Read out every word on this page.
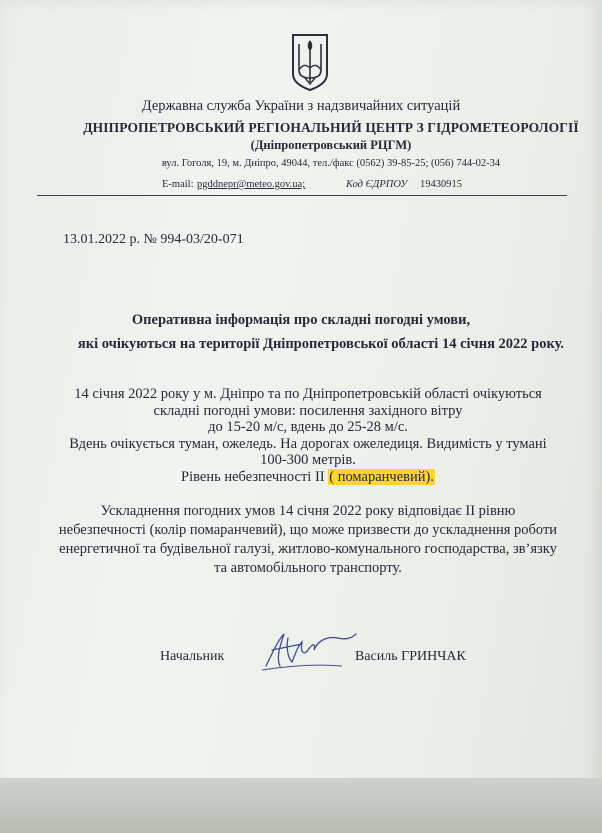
Державна служба України з надзвичайних ситуацій
ДНІПРОПЕТРОВСЬКИЙ РЕГІОНАЛЬНИЙ ЦЕНТР З ГІДРОМЕТЕОРОЛОГІЇ
(Дніпропетровський РЦГМ)
вул. Гоголя, 19, м. Дніпро, 49044, тел./факс (0562) 39-85-25; (056) 744-02-34
E-mail: pgddnepr@meteo.gov.ua;	Код ЄДРПОУ 19430915
13.01.2022 р. № 994-03/20-071
Оперативна інформація про складні погодні умови,
які очікуються на території Дніпропетровської області 14 січня 2022 року.
14 січня 2022 року у м. Дніпро та по Дніпропетровській області очікуються
складні погодні умови: посилення західного вітру
до 15-20 м/с, вдень до 25-28 м/с.
Вдень очікується туман, ожеледь. На дорогах ожеледиця. Видимість у тумані
100-300 метрів.
Рівень небезпечності ІІ ( помаранчевий).
Ускладнення погодних умов 14 січня 2022 року відповідає ІІ рівню
небезпечності (колір помаранчевий), що може призвести до ускладнення роботи
енергетичної та будівельної галузі, житлово-комунального господарства, зв’язку
та автомобільного транспорту.
Начальник	Василь ГРИНЧАК
